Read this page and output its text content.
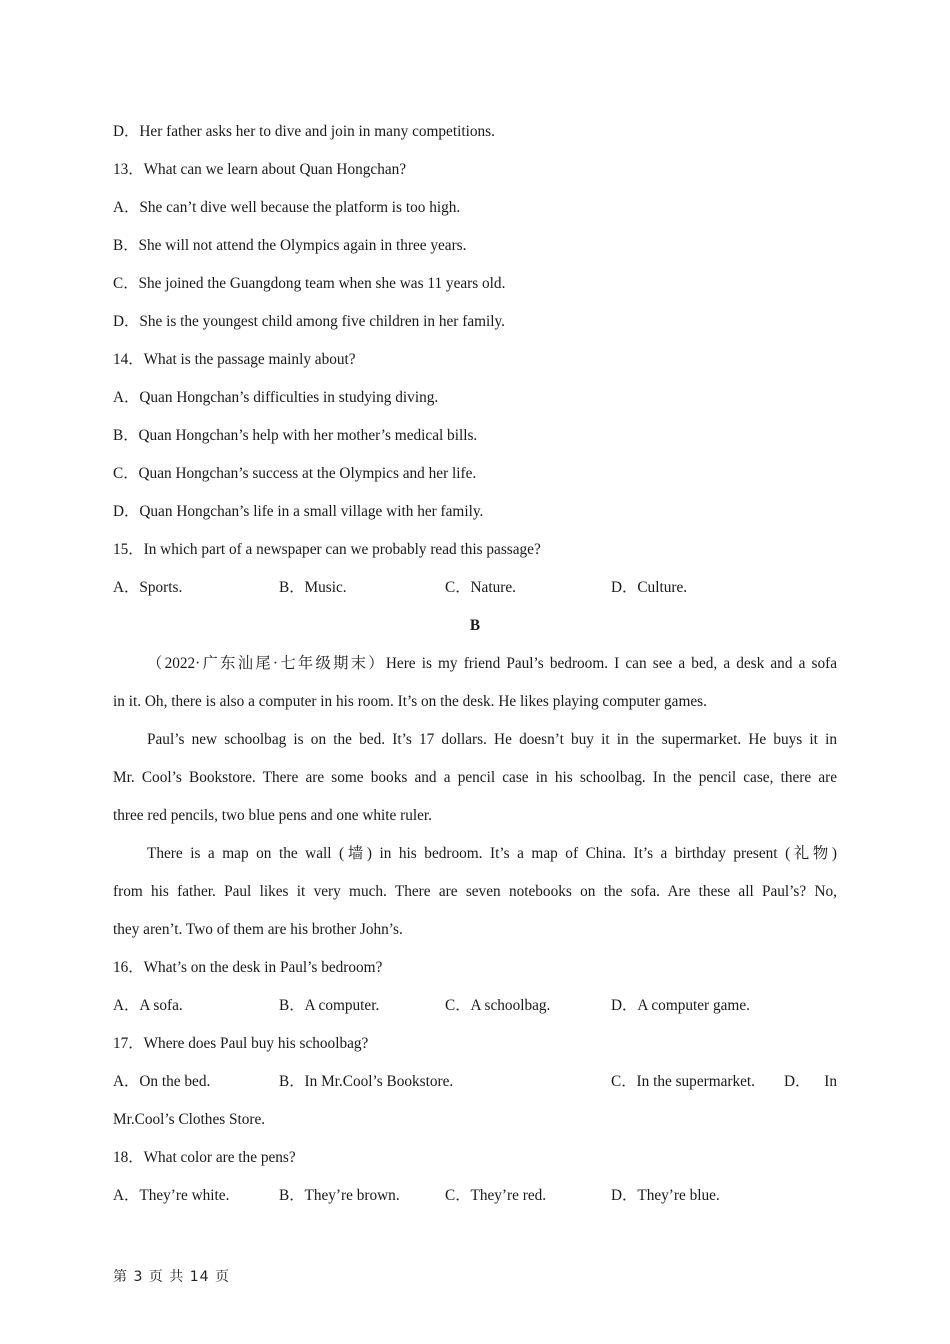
D．Her father asks her to dive and join in many competitions.
13．What can we learn about Quan Hongchan?
A．She can’t dive well because the platform is too high.
B．She will not attend the Olympics again in three years.
C．She joined the Guangdong team when she was 11 years old.
D．She is the youngest child among five children in her family.
14．What is the passage mainly about?
A．Quan Hongchan’s difficulties in studying diving.
B．Quan Hongchan’s help with her mother’s medical bills.
C．Quan Hongchan’s success at the Olympics and her life.
D．Quan Hongchan’s life in a small village with her family.
15．In which part of a newspaper can we probably read this passage?
A．Sports.	B．Music.	C．Nature.	D．Culture.
B
（2022·广东汕尾·七年级期末）Here is my friend Paul’s bedroom. I can see a bed, a desk and a sofa
in it. Oh, there is also a computer in his room. It’s on the desk. He likes playing computer games.
Paul’s new schoolbag is on the bed. It’s 17 dollars. He doesn’t buy it in the supermarket. He buys it in
Mr. Cool’s Bookstore. There are some books and a pencil case in his schoolbag. In the pencil case, there are
three red pencils, two blue pens and one white ruler.
There is a map on the wall (墙) in his bedroom. It’s a map of China. It’s a birthday present (礼物)
from his father. Paul likes it very much. There are seven notebooks on the sofa. Are these all Paul’s? No,
they aren’t. Two of them are his brother John’s.
16．What’s on the desk in Paul’s bedroom?
A．A sofa.	B．A computer.	C．A schoolbag.	D．A computer game.
17．Where does Paul buy his schoolbag?
A．On the bed.	B．In Mr.Cool’s Bookstore.	C．In the supermarket. D． In
Mr.Cool’s Clothes Store.
18．What color are the pens?
A．They’re white.	B．They’re brown.	C．They’re red.	D．They’re blue.
第 3 页 共 14 页
